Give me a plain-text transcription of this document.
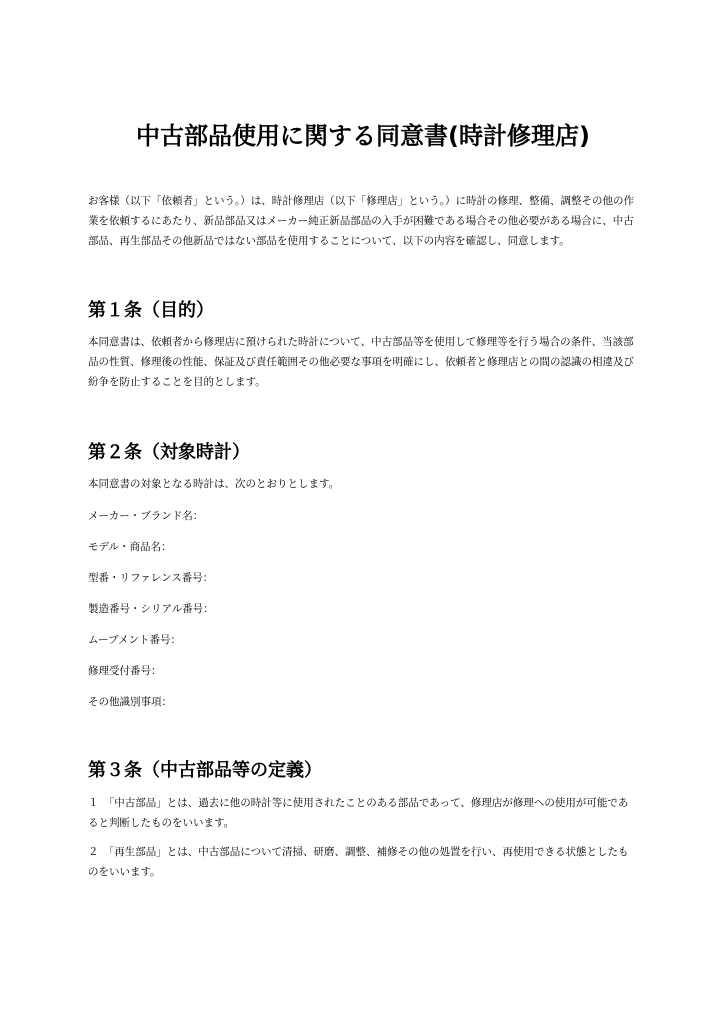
中古部品使用に関する同意書(時計修理店)

お客様（以下「依頼者」という。）は、時計修理店（以下「修理店」という。）に時計の修理、整備、調整その他の作業を依頼するにあたり、新品部品又はメーカー純正新品部品の入手が困難である場合その他必要がある場合に、中古部品、再生部品その他新品ではない部品を使用することについて、以下の内容を確認し、同意します。

第１条（目的）

本同意書は、依頼者から修理店に預けられた時計について、中古部品等を使用して修理等を行う場合の条件、当該部品の性質、修理後の性能、保証及び責任範囲その他必要な事項を明確にし、依頼者と修理店との間の認識の相違及び紛争を防止することを目的とします。

第２条（対象時計）

本同意書の対象となる時計は、次のとおりとします。

メーカー・ブランド名：

モデル・商品名：

型番・リファレンス番号：

製造番号・シリアル番号：

ムーブメント番号：

修理受付番号：

その他識別事項：

第３条（中古部品等の定義）

１　「中古部品」とは、過去に他の時計等に使用されたことのある部品であって、修理店が修理への使用が可能であると判断したものをいいます。

２　「再生部品」とは、中古部品について清掃、研磨、調整、補修その他の処置を行い、再使用できる状態としたものをいいます。
